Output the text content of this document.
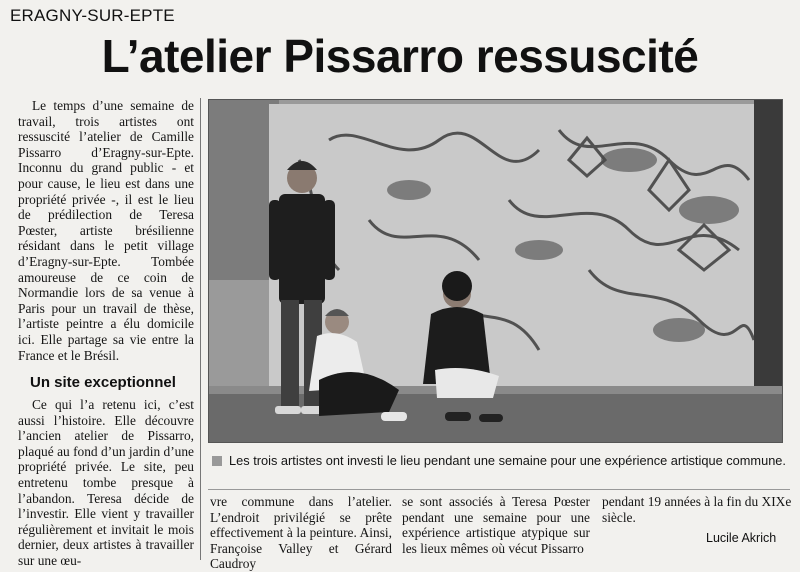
ERAGNY-SUR-EPTE
L’atelier Pissarro ressuscité

Le temps d’une semaine de travail, trois artistes ont ressuscité l’atelier de Camille Pissarro d’Eragny-sur-Epte. Inconnu du grand public - et pour cause, le lieu est dans une propriété privée -, il est le lieu de prédilection de Teresa Pœster, artiste brésilienne résidant dans le petit village d’Eragny-sur-Epte. Tombée amoureuse de ce coin de Normandie lors de sa venue à Paris pour un travail de thèse, l’artiste peintre a élu domicile ici. Elle partage sa vie entre la France et le Brésil.

Un site exceptionnel

Ce qui l’a retenu ici, c’est aussi l’histoire. Elle découvre l’ancien atelier de Pissarro, plaqué au fond d’un jardin d’une propriété privée. Le site, peu entretenu tombe presque à l’abandon. Teresa décide de l’investir. Elle vient y travailler régulièrement et invitait le mois dernier, deux artistes à travailler sur une œu-

Les trois artistes ont investi le lieu pendant une semaine pour une expérience artistique commune.

vre commune dans l’atelier. L’endroit privilégié se prête effectivement à la peinture. Ainsi, Françoise Valley et Gérard Caudroy

se sont associés à Teresa Pœster pendant une semaine pour une expérience artistique atypique sur les lieux mêmes où vécut Pissarro

pendant 19 années à la fin du XIXe siècle.

Lucile Akrich
